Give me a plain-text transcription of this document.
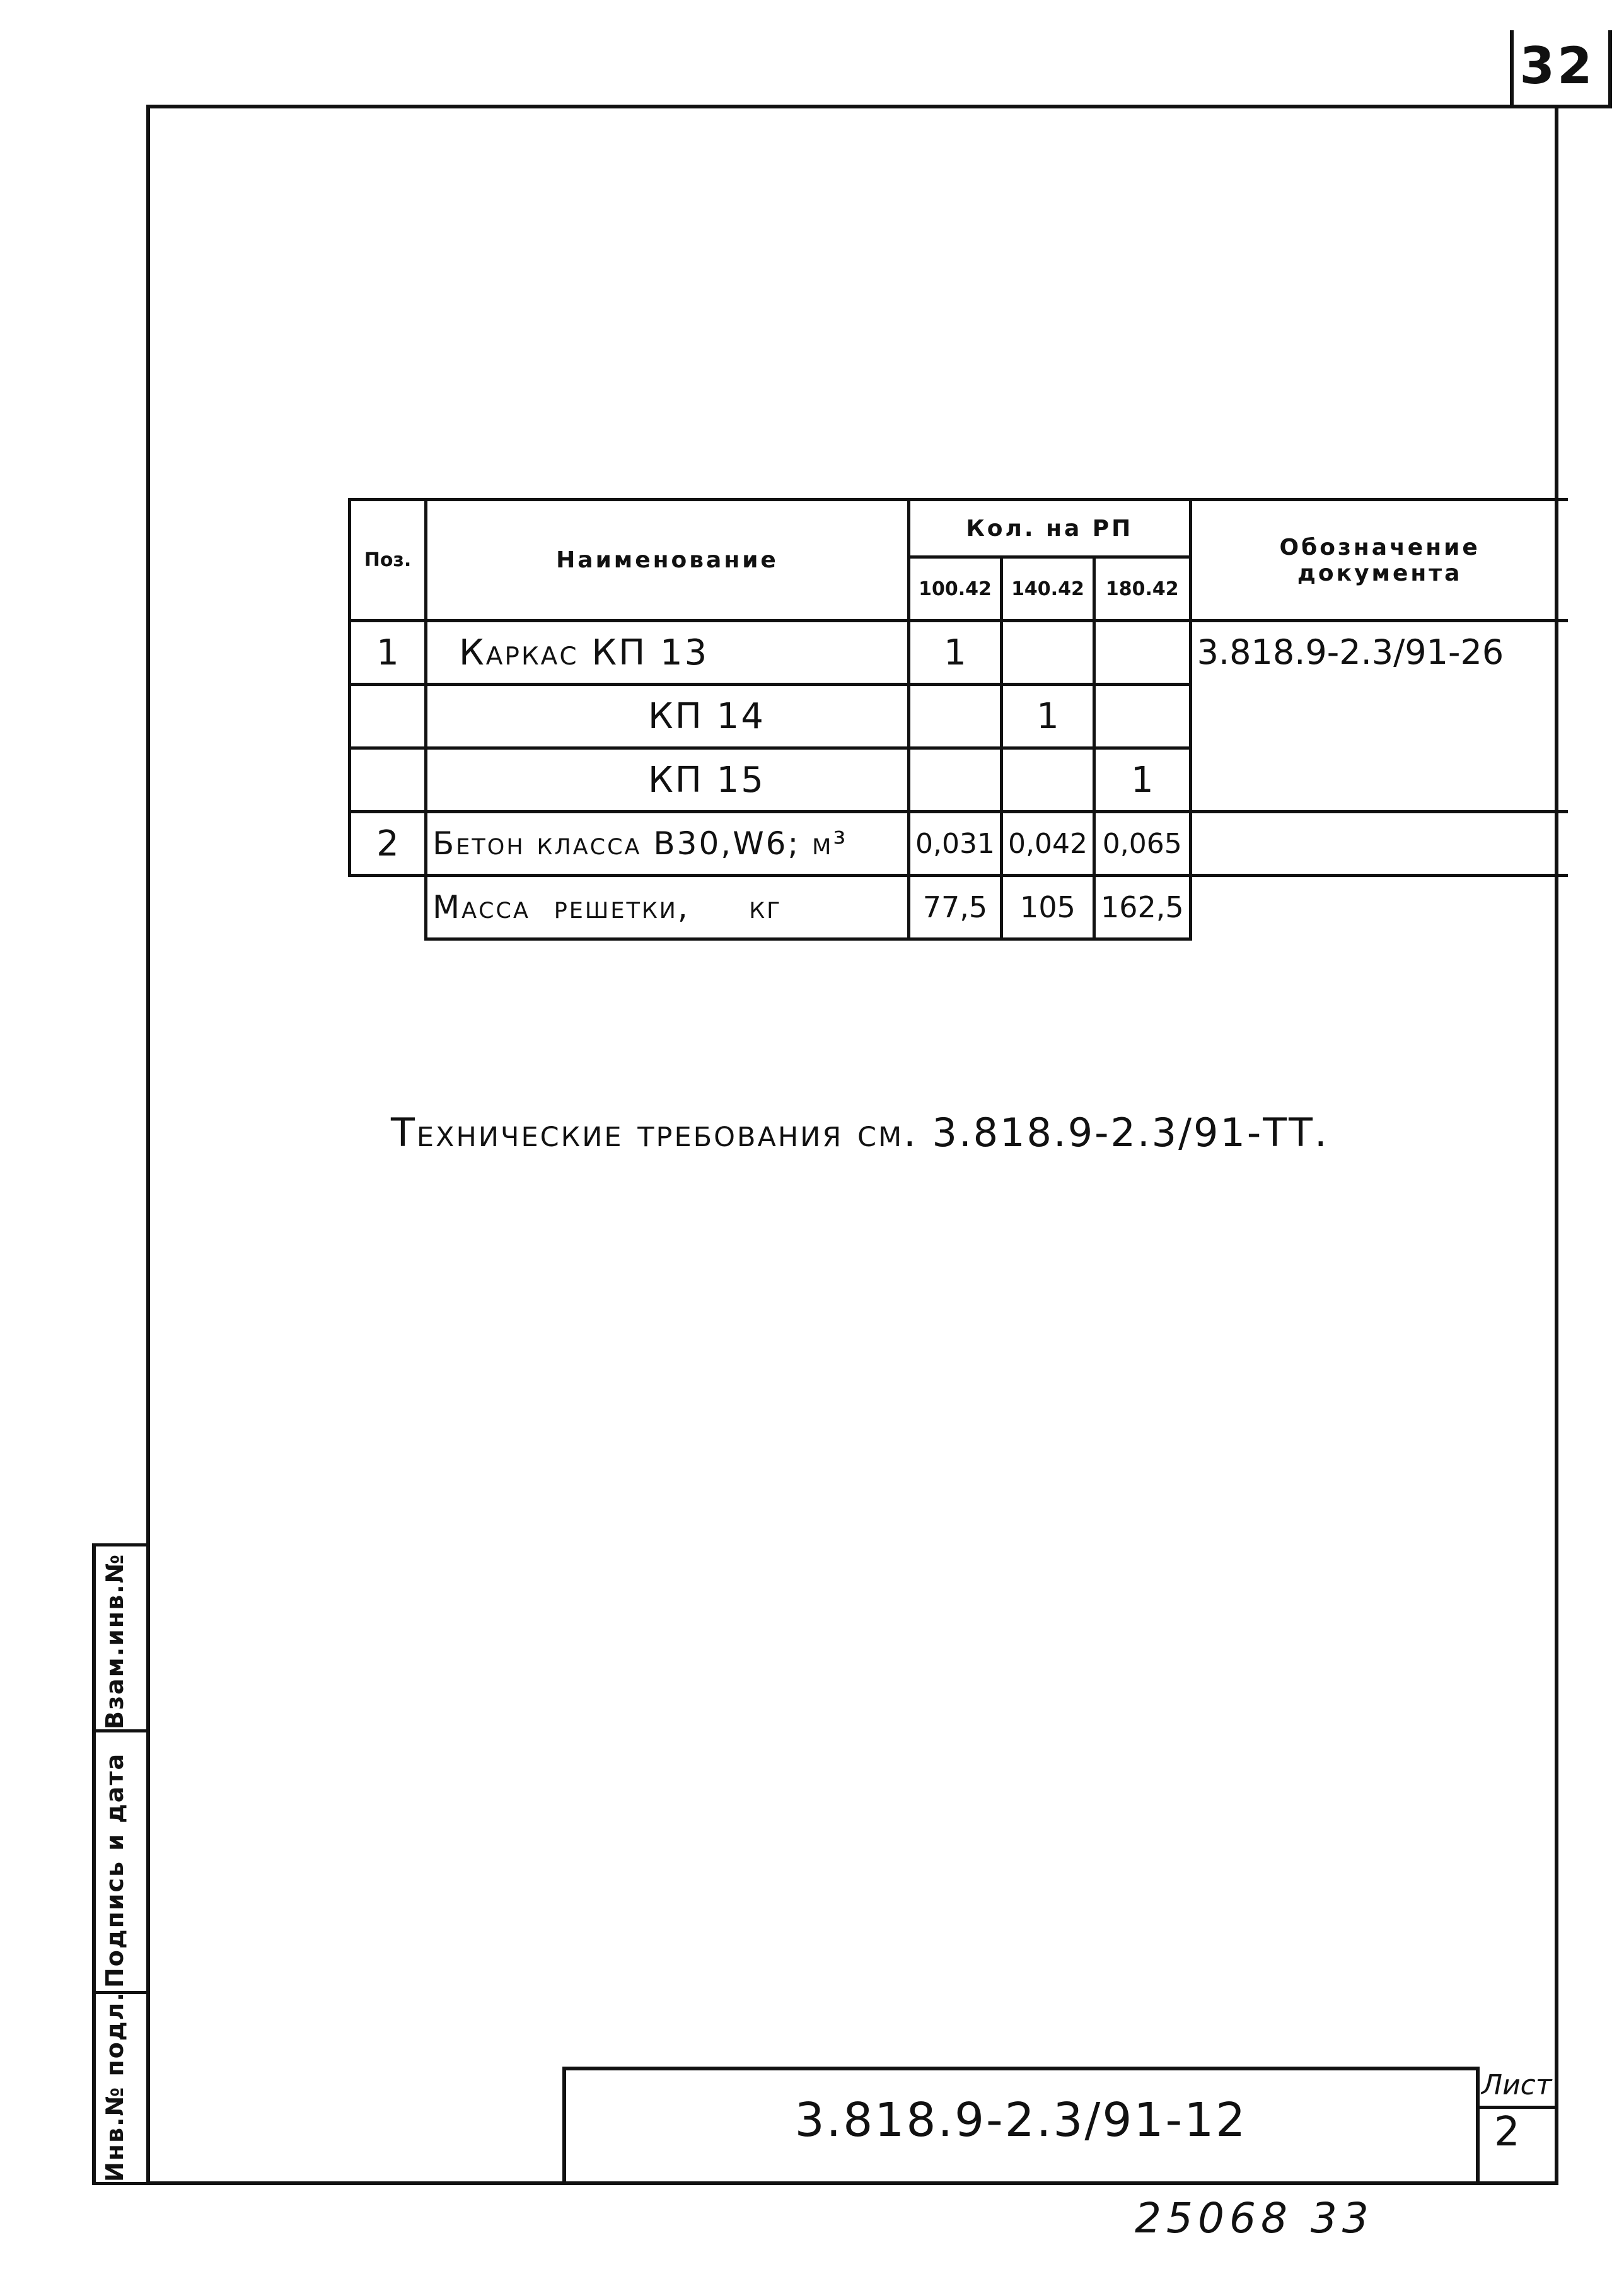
32
Взам.инв.№
Подпись и дата
Инв.№ подл.
Поз.	Наименование	Кол. на РП			Обозначение документа
		100.42	140.42	180.42	
1	Каркас КП 13	1			3.818.9-2.3/91-26
	КП 14		1		
	КП 15			1	
2	Бетон класса B30,W6; м³	0,031	0,042	0,065	
	Масса  решетки,     кг	77,5	105	162,5	
Технические требования см. 3.818.9-2.3/91-ТТ.
3.818.9-2.3/91-12
Лист
2
25068 33
